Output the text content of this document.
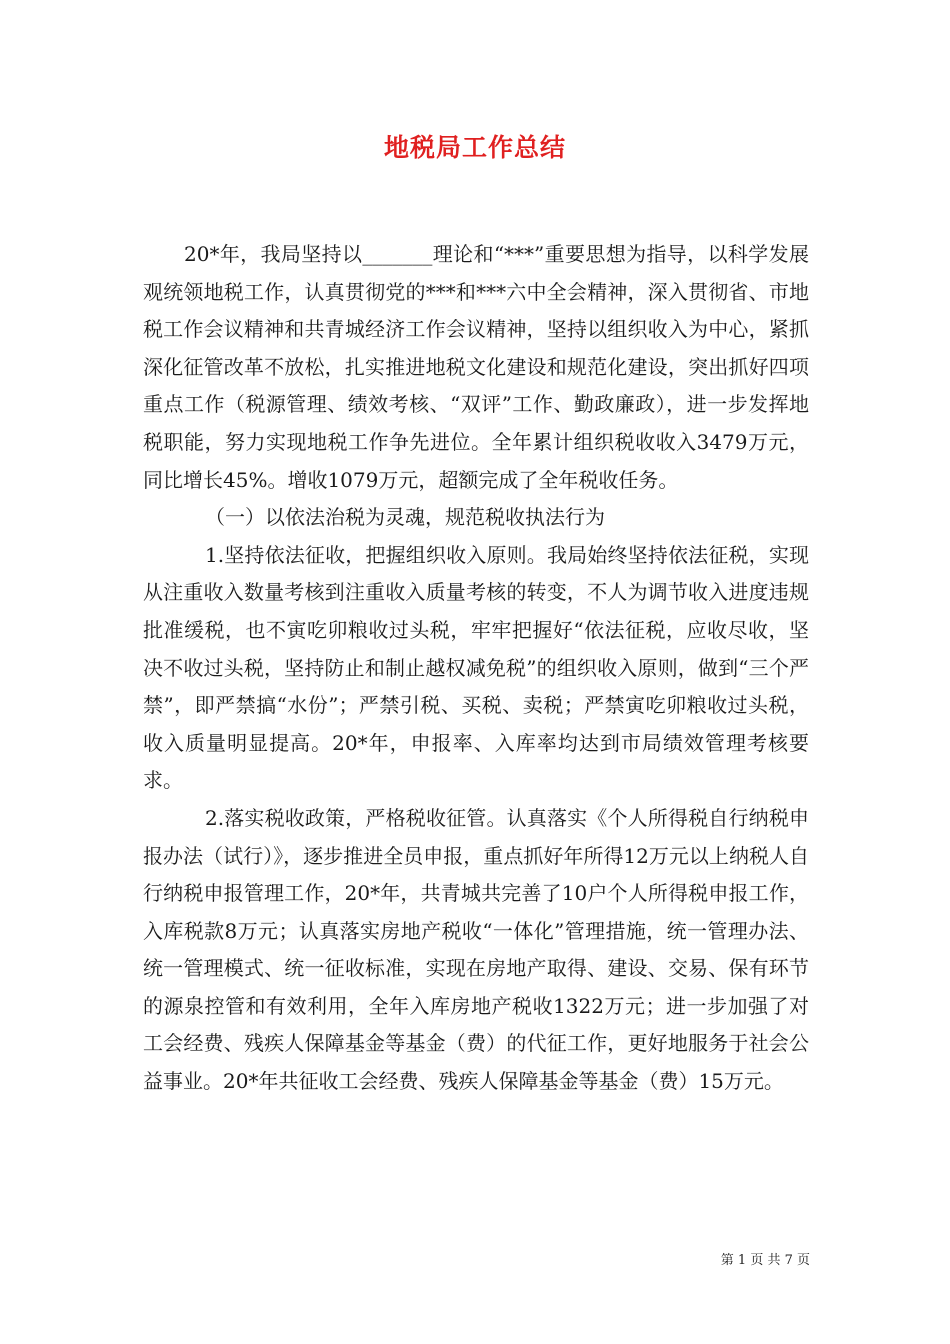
地税局工作总结

20*年，我局坚持以_______理论和“***”重要思想为指导，以科学发展观统领地税工作，认真贯彻党的***和***六中全会精神，深入贯彻省、市地税工作会议精神和共青城经济工作会议精神，坚持以组织收入为中心，紧抓深化征管改革不放松，扎实推进地税文化建设和规范化建设，突出抓好四项重点工作（税源管理、绩效考核、“双评”工作、勤政廉政），进一步发挥地税职能，努力实现地税工作争先进位。全年累计组织税收收入3479万元，同比增长45%。增收1079万元，超额完成了全年税收任务。

（一）以依法治税为灵魂，规范税收执法行为

1.坚持依法征收，把握组织收入原则。我局始终坚持依法征税，实现从注重收入数量考核到注重收入质量考核的转变，不人为调节收入进度违规批准缓税，也不寅吃卯粮收过头税，牢牢把握好“依法征税，应收尽收，坚决不收过头税，坚持防止和制止越权减免税”的组织收入原则，做到“三个严禁”，即严禁搞“水份”；严禁引税、买税、卖税；严禁寅吃卯粮收过头税，收入质量明显提高。20*年，申报率、入库率均达到市局绩效管理考核要求。

2.落实税收政策，严格税收征管。认真落实《个人所得税自行纳税申报办法（试行）》，逐步推进全员申报，重点抓好年所得12万元以上纳税人自行纳税申报管理工作，20*年，共青城共完善了10户个人所得税申报工作，入库税款8万元；认真落实房地产税收“一体化”管理措施，统一管理办法、统一管理模式、统一征收标准，实现在房地产取得、建设、交易、保有环节的源泉控管和有效利用，全年入库房地产税收1322万元；进一步加强了对工会经费、残疾人保障基金等基金（费）的代征工作，更好地服务于社会公益事业。20*年共征收工会经费、残疾人保障基金等基金（费）15万元。

第 1 页 共 7 页
